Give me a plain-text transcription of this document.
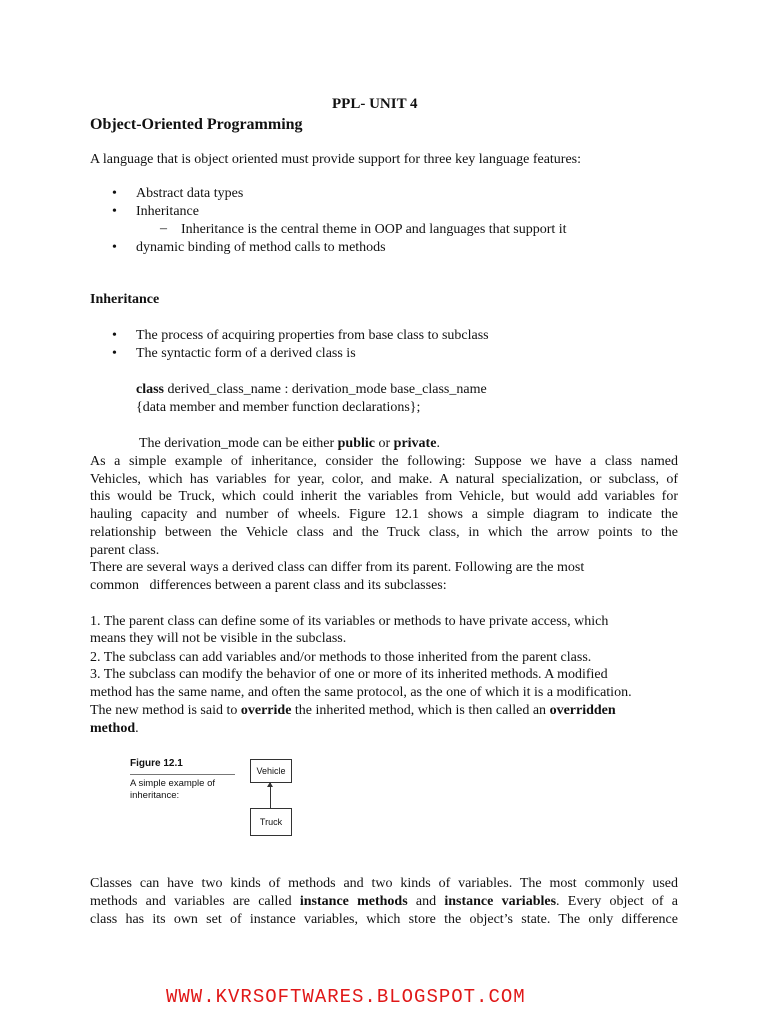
PPL- UNIT 4
Object-Oriented Programming
A language that is object oriented must provide support for three key language features:
• Abstract data types
• Inheritance
– Inheritance is the central theme in OOP and languages that support it
• dynamic binding of method calls to methods
Inheritance
• The process of acquiring properties from base class to subclass
• The syntactic form of a derived class is
class derived_class_name : derivation_mode base_class_name
{data member and member function declarations};
The derivation_mode can be either public or private.
As a simple example of inheritance, consider the following: Suppose we have a class named
Vehicles, which has variables for year, color, and make. A natural specialization, or subclass, of
this would be Truck, which could inherit the variables from Vehicle, but would add variables for
hauling capacity and number of wheels. Figure 12.1 shows a simple diagram to indicate the
relationship between the Vehicle class and the Truck class, in which the arrow points to the
parent class.
There are several ways a derived class can differ from its parent. Following are the most
common   differences between a parent class and its subclasses:
1. The parent class can define some of its variables or methods to have private access, which
means they will not be visible in the subclass.
2. The subclass can add variables and/or methods to those inherited from the parent class.
3. The subclass can modify the behavior of one or more of its inherited methods. A modified
method has the same name, and often the same protocol, as the one of which it is a modification.
The new method is said to override the inherited method, which is then called an overridden
method.
Figure 12.1
A simple example of inheritance:
Vehicle
Truck
Classes can have two kinds of methods and two kinds of variables. The most commonly used
methods and variables are called instance methods and instance variables. Every object of a
class has its own set of instance variables, which store the object’s state. The only difference
WWW.KVRSOFTWARES.BLOGSPOT.COM
